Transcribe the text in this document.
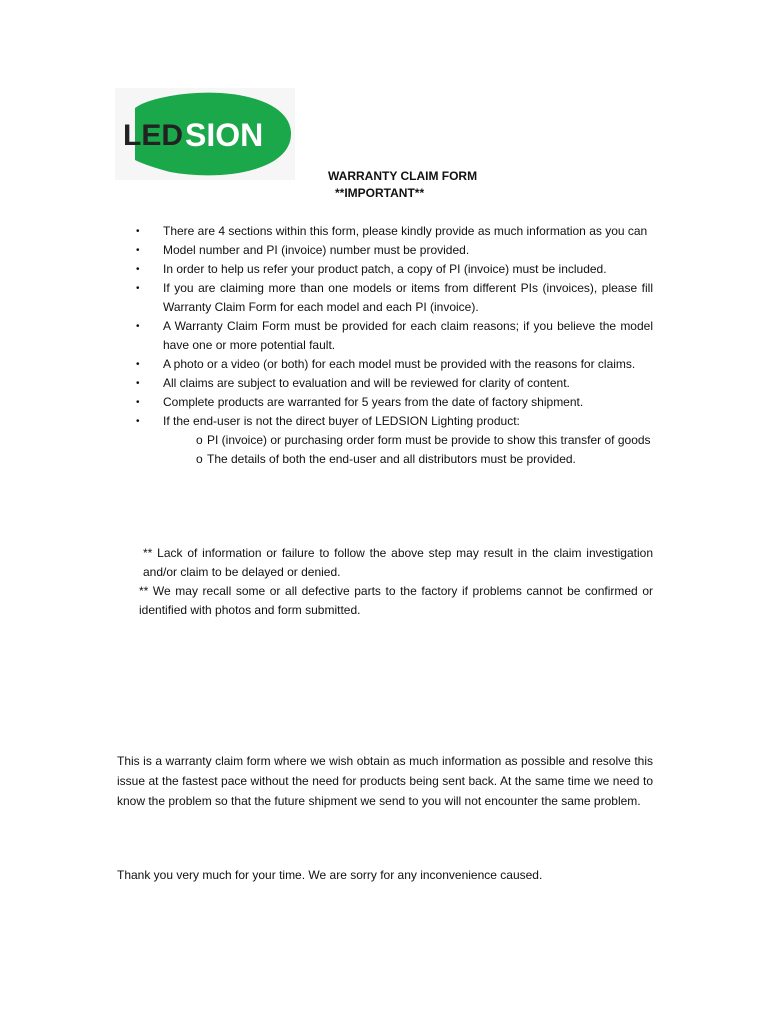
LED SION
WARRANTY CLAIM FORM
**IMPORTANT**
• There are 4 sections within this form, please kindly provide as much information as you can
• Model number and PI (invoice) number must be provided.
• In order to help us refer your product patch, a copy of PI (invoice) must be included.
• If you are claiming more than one models or items from different PIs (invoices), please fill Warranty Claim Form for each model and each PI (invoice).
• A Warranty Claim Form must be provided for each claim reasons; if you believe the model have one or more potential fault.
• A photo or a video (or both) for each model must be provided with the reasons for claims.
• All claims are subject to evaluation and will be reviewed for clarity of content.
• Complete products are warranted for 5 years from the date of factory shipment.
• If the end-user is not the direct buyer of LEDSION Lighting product:
o PI (invoice) or purchasing order form must be provide to show this transfer of goods
o The details of both the end-user and all distributors must be provided.
** Lack of information or failure to follow the above step may result in the claim investigation and/or claim to be delayed or denied.
** We may recall some or all defective parts to the factory if problems cannot be confirmed or identified with photos and form submitted.
This is a warranty claim form where we wish obtain as much information as possible and resolve this issue at the fastest pace without the need for products being sent back. At the same time we need to know the problem so that the future shipment we send to you will not encounter the same problem.
Thank you very much for your time. We are sorry for any inconvenience caused.
